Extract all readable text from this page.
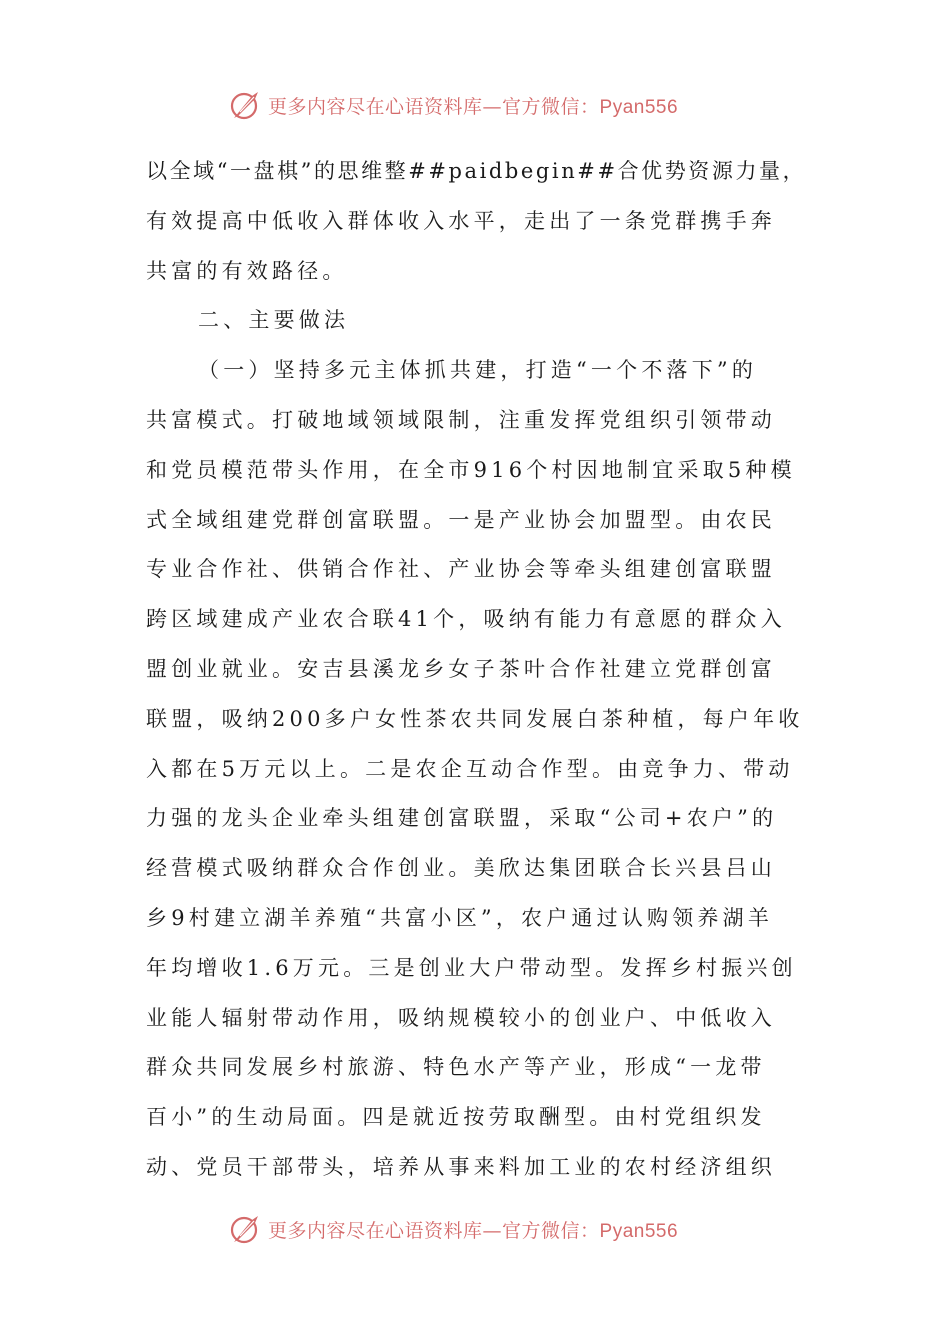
更多内容尽在心语资料库—官方微信：Pyan556
以全域“一盘棋”的思维整##paidbegin##合优势资源力量，
有效提高中低收入群体收入水平，走出了一条党群携手奔
共富的有效路径。
二、主要做法
（一）坚持多元主体抓共建，打造“一个不落下”的
共富模式。打破地域领域限制，注重发挥党组织引领带动
和党员模范带头作用，在全市916个村因地制宜采取5种模
式全域组建党群创富联盟。一是产业协会加盟型。由农民
专业合作社、供销合作社、产业协会等牵头组建创富联盟
跨区域建成产业农合联41个，吸纳有能力有意愿的群众入
盟创业就业。安吉县溪龙乡女子茶叶合作社建立党群创富
联盟，吸纳200多户女性茶农共同发展白茶种植，每户年收
入都在5万元以上。二是农企互动合作型。由竞争力、带动
力强的龙头企业牵头组建创富联盟，采取“公司+农户”的
经营模式吸纳群众合作创业。美欣达集团联合长兴县吕山
乡9村建立湖羊养殖“共富小区”，农户通过认购领养湖羊
年均增收1.6万元。三是创业大户带动型。发挥乡村振兴创
业能人辐射带动作用，吸纳规模较小的创业户、中低收入
群众共同发展乡村旅游、特色水产等产业，形成“一龙带
百小”的生动局面。四是就近按劳取酬型。由村党组织发
动、党员干部带头，培养从事来料加工业的农村经济组织
更多内容尽在心语资料库—官方微信：Pyan556
